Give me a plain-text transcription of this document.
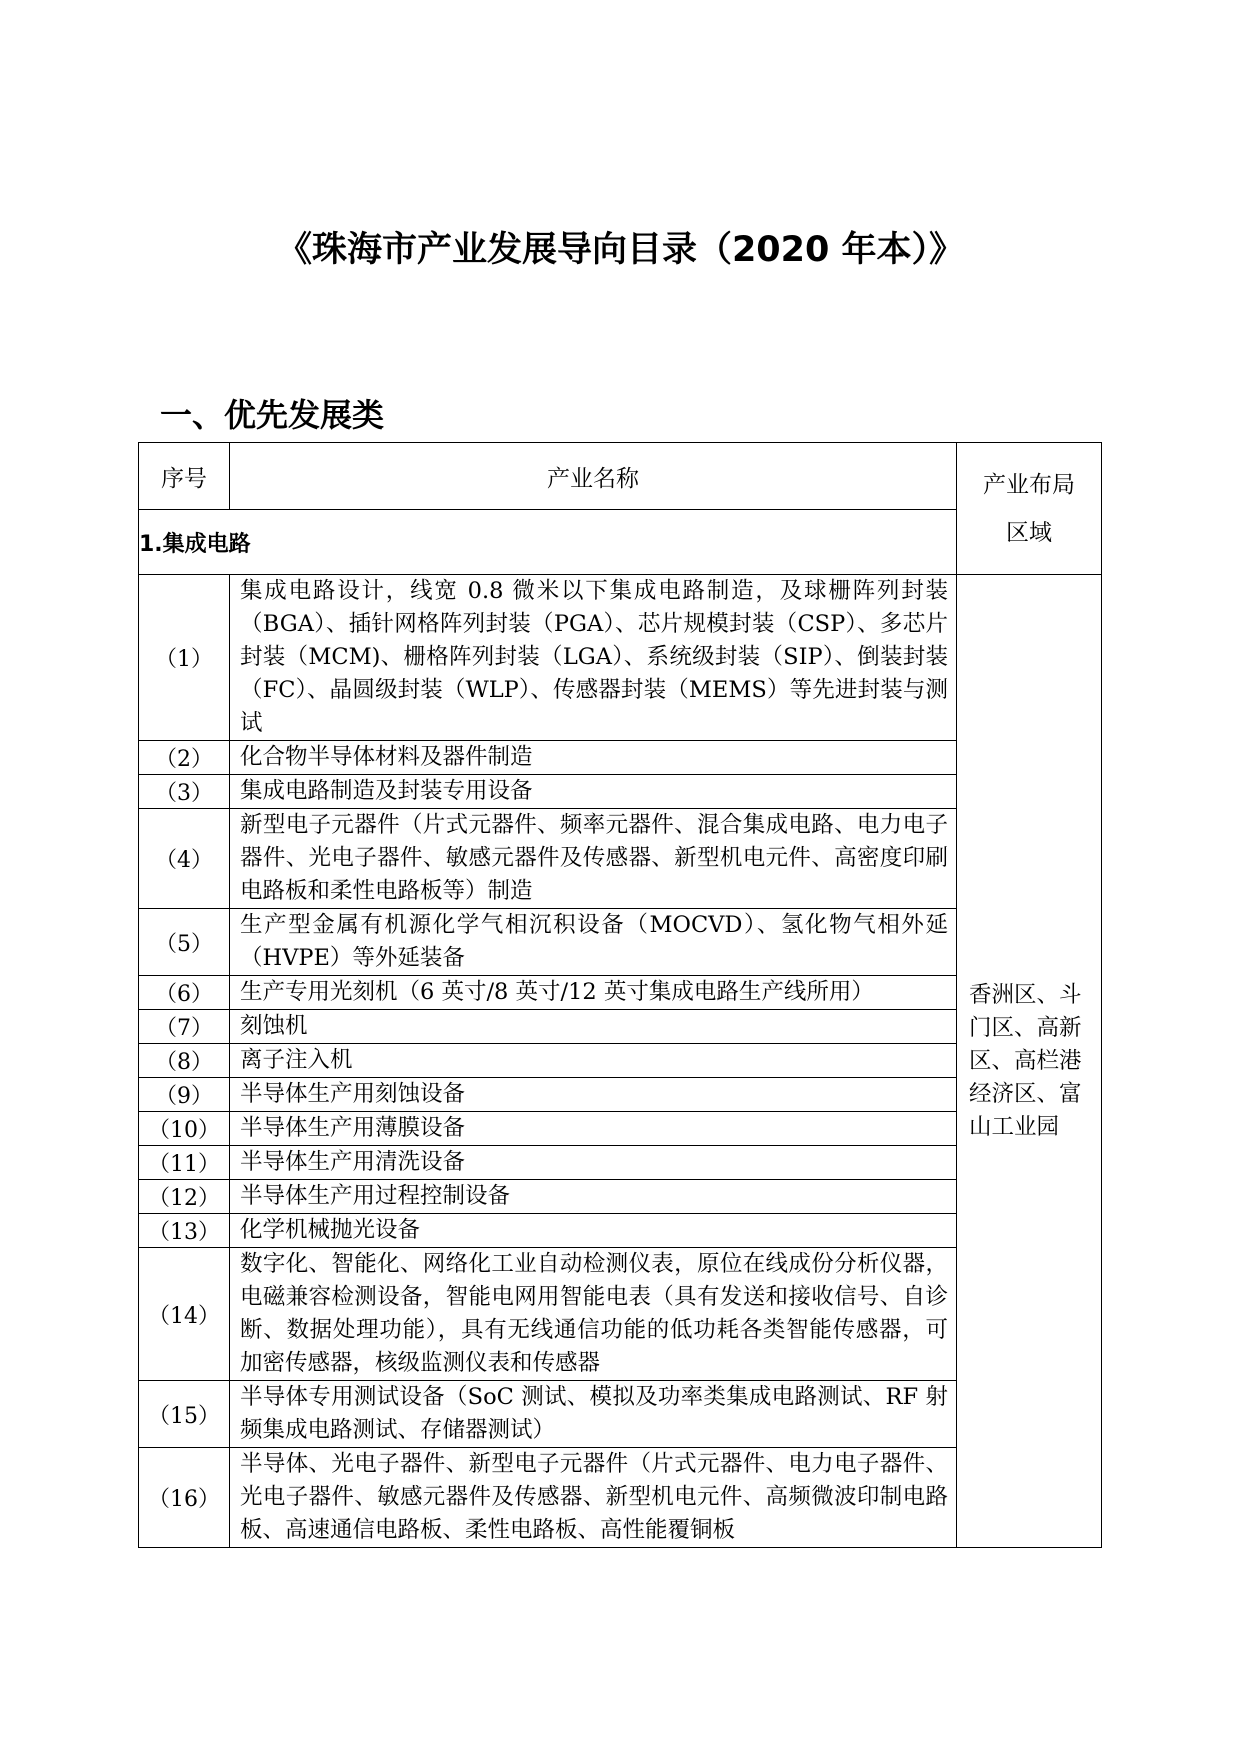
《珠海市产业发展导向目录（2020 年本）》
一、优先发展类
序号	产业名称	产业布局区域
1.集成电路		
（1）	集成电路设计，线宽 0.8 微米以下集成电路制造，及球栅阵列封装（BGA）、插针网格阵列封装（PGA）、芯片规模封装（CSP）、多芯片封装（MCM)、栅格阵列封装（LGA）、系统级封装（SIP）、倒装封装（FC）、晶圆级封装（WLP）、传感器封装（MEMS）等先进封装与测试	香洲区、斗门区、高新区、高栏港经济区、富山工业园
（2）	化合物半导体材料及器件制造	
（3）	集成电路制造及封装专用设备	
（4）	新型电子元器件（片式元器件、频率元器件、混合集成电路、电力电子器件、光电子器件、敏感元器件及传感器、新型机电元件、高密度印刷电路板和柔性电路板等）制造	
（5）	生产型金属有机源化学气相沉积设备（MOCVD）、氢化物气相外延（HVPE）等外延装备	
（6）	生产专用光刻机（6 英寸/8 英寸/12 英寸集成电路生产线所用）	
（7）	刻蚀机	
（8）	离子注入机	
（9）	半导体生产用刻蚀设备	
（10）	半导体生产用薄膜设备	
（11）	半导体生产用清洗设备	
（12）	半导体生产用过程控制设备	
（13）	化学机械抛光设备	
（14）	数字化、智能化、网络化工业自动检测仪表，原位在线成份分析仪器，电磁兼容检测设备，智能电网用智能电表（具有发送和接收信号、自诊断、数据处理功能），具有无线通信功能的低功耗各类智能传感器，可加密传感器，核级监测仪表和传感器	
（15）	半导体专用测试设备（SoC 测试、模拟及功率类集成电路测试、RF 射频集成电路测试、存储器测试）	
（16）	半导体、光电子器件、新型电子元器件（片式元器件、电力电子器件、光电子器件、敏感元器件及传感器、新型机电元件、高频微波印制电路板、高速通信电路板、柔性电路板、高性能覆铜板	
